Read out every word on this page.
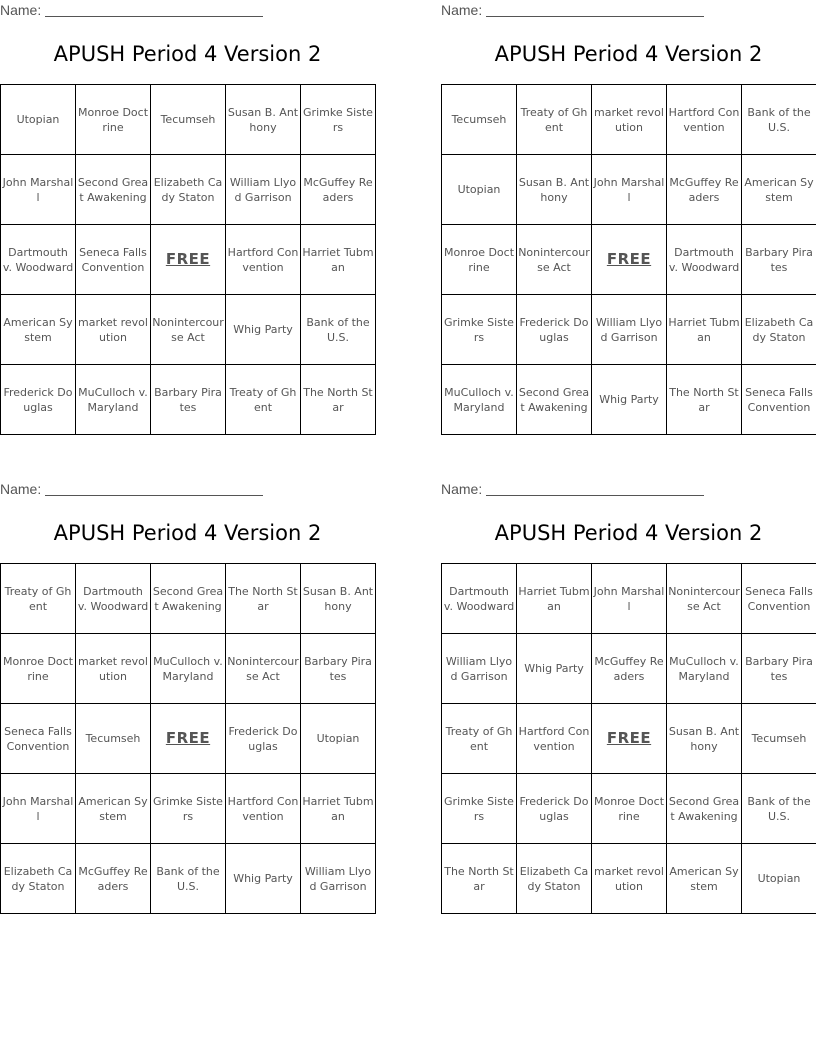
Name:
APUSH Period 4 Version 2
Utopian	Monroe Doctrine	Tecumseh	Susan B. Anthony	Grimke Sisters
John Marshall	Second Great Awakening	Elizabeth Cady Staton	William Llyod Garrison	McGuffey Readers
Dartmouth v. Woodward	Seneca Falls Convention	FREE	Hartford Convention	Harriet Tubman
American System	market revolution	Nonintercourse Act	Whig Party	Bank of the U.S.
Frederick Douglas	MuCulloch v. Maryland	Barbary Pirates	Treaty of Ghent	The North Star
Name:
APUSH Period 4 Version 2
Tecumseh	Treaty of Ghent	market revolution	Hartford Convention	Bank of the U.S.
Utopian	Susan B. Anthony	John Marshall	McGuffey Readers	American System
Monroe Doctrine	Nonintercourse Act	FREE	Dartmouth v. Woodward	Barbary Pirates
Grimke Sisters	Frederick Douglas	William Llyod Garrison	Harriet Tubman	Elizabeth Cady Staton
MuCulloch v. Maryland	Second Great Awakening	Whig Party	The North Star	Seneca Falls Convention
Name:
APUSH Period 4 Version 2
Treaty of Ghent	Dartmouth v. Woodward	Second Great Awakening	The North Star	Susan B. Anthony
Monroe Doctrine	market revolution	MuCulloch v. Maryland	Nonintercourse Act	Barbary Pirates
Seneca Falls Convention	Tecumseh	FREE	Frederick Douglas	Utopian
John Marshall	American System	Grimke Sisters	Hartford Convention	Harriet Tubman
Elizabeth Cady Staton	McGuffey Readers	Bank of the U.S.	Whig Party	William Llyod Garrison
Name:
APUSH Period 4 Version 2
Dartmouth v. Woodward	Harriet Tubman	John Marshall	Nonintercourse Act	Seneca Falls Convention
William Llyod Garrison	Whig Party	McGuffey Readers	MuCulloch v. Maryland	Barbary Pirates
Treaty of Ghent	Hartford Convention	FREE	Susan B. Anthony	Tecumseh
Grimke Sisters	Frederick Douglas	Monroe Doctrine	Second Great Awakening	Bank of the U.S.
The North Star	Elizabeth Cady Staton	market revolution	American System	Utopian
